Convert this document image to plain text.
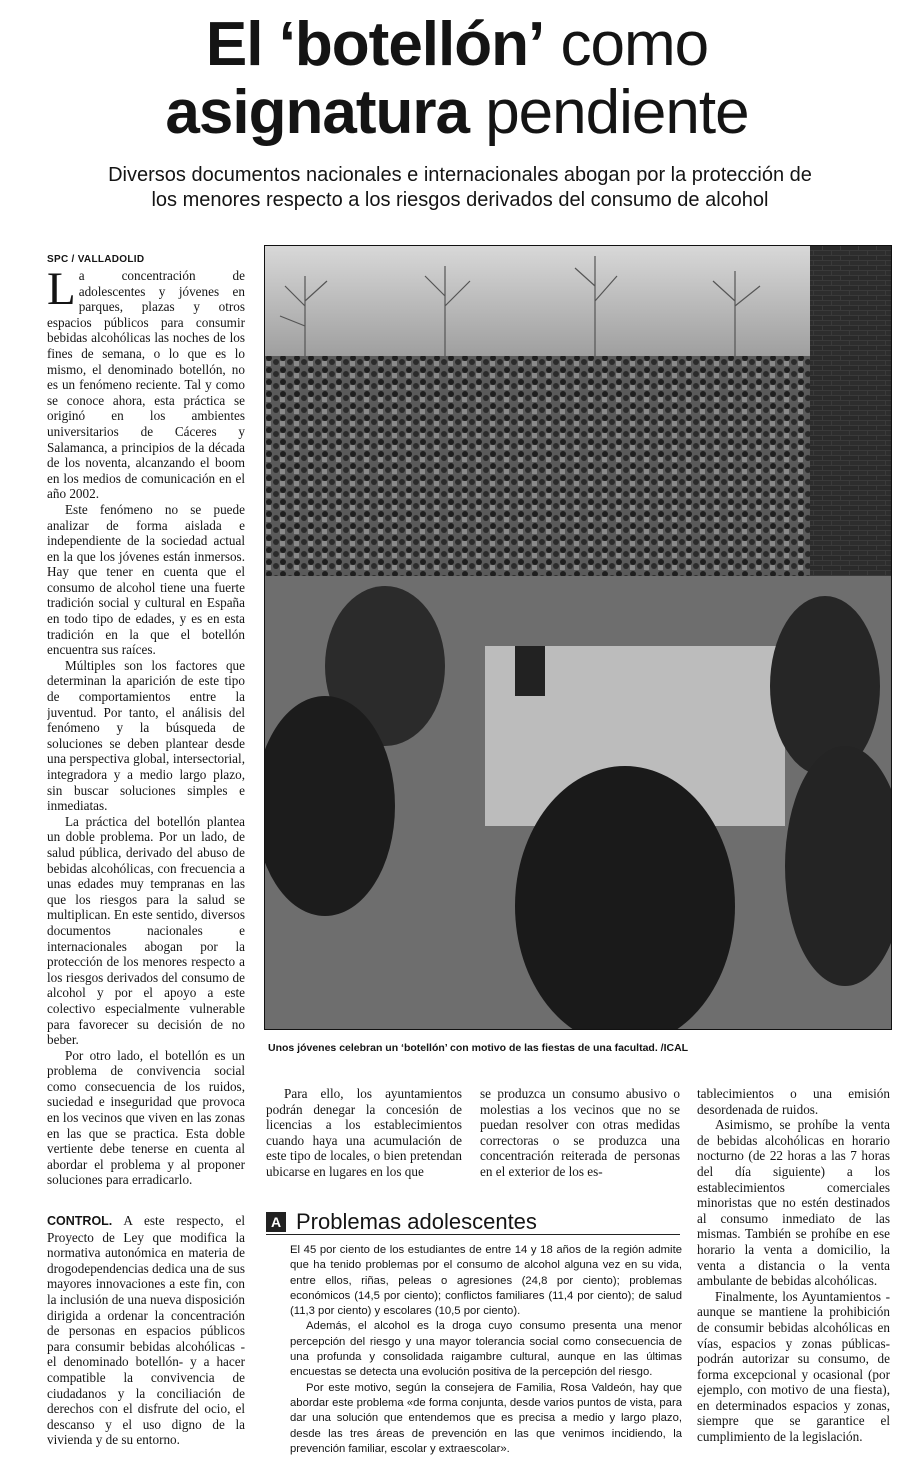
El ‘botellón’ como
asignatura pendiente
Diversos documentos nacionales e internacionales abogan por la protección de
los menores respecto a los riesgos derivados del consumo de alcohol
SPC / VALLADOLID

La concentración de adolescentes y jóvenes en parques, plazas y otros espacios públicos para consumir bebidas alcohólicas las noches de los fines de semana, o lo que es lo mismo, el denominado botellón, no es un fenómeno reciente. Tal y como se conoce ahora, esta práctica se originó en los ambientes universitarios de Cáceres y Salamanca, a principios de la década de los noventa, alcanzando el boom en los medios de comunicación en el año 2002.

Este fenómeno no se puede analizar de forma aislada e independiente de la sociedad actual en la que los jóvenes están inmersos. Hay que tener en cuenta que el consumo de alcohol tiene una fuerte tradición social y cultural en España en todo tipo de edades, y es en esta tradición en la que el botellón encuentra sus raíces.

Múltiples son los factores que determinan la aparición de este tipo de comportamientos entre la juventud. Por tanto, el análisis del fenómeno y la búsqueda de soluciones se deben plantear desde una perspectiva global, intersectorial, integradora y a medio largo plazo, sin buscar soluciones simples e inmediatas.

La práctica del botellón plantea un doble problema. Por un lado, de salud pública, derivado del abuso de bebidas alcohólicas, con frecuencia a unas edades muy tempranas en las que los riesgos para la salud se multiplican. En este sentido, diversos documentos nacionales e internacionales abogan por la protección de los menores respecto a los riesgos derivados del consumo de alcohol y por el apoyo a este colectivo especialmente vulnerable para favorecer su decisión de no beber.

Por otro lado, el botellón es un problema de convivencia social como consecuencia de los ruidos, suciedad e inseguridad que provoca en los vecinos que viven en las zonas en las que se practica. Esta doble vertiente debe tenerse en cuenta al abordar el problema y al proponer soluciones para erradicarlo.

CONTROL. A este respecto, el Proyecto de Ley que modifica la normativa autonómica en materia de drogodependencias dedica una de sus mayores innovaciones a este fin, con la inclusión de una nueva disposición dirigida a ordenar la concentración de personas en espacios públicos para consumir bebidas alcohólicas -el denominado botellón- y a hacer compatible la convivencia de ciudadanos y la conciliación de derechos con el disfrute del ocio, el descanso y el uso digno de la vivienda y de su entorno.

Unos jóvenes celebran un ‘botellón’ con motivo de las fiestas de una facultad. /ICAL

Para ello, los ayuntamientos podrán denegar la concesión de licencias a los establecimientos cuando haya una acumulación de este tipo de locales, o bien pretendan ubicarse en lugares en los que

se produzca un consumo abusivo o molestias a los vecinos que no se puedan resolver con otras medidas correctoras o se produzca una concentración reiterada de personas en el exterior de los es-

tablecimientos o una emisión desordenada de ruidos.

Asimismo, se prohíbe la venta de bebidas alcohólicas en horario nocturno (de 22 horas a las 7 horas del día siguiente) a los establecimientos comerciales minoristas que no estén destinados al consumo inmediato de las mismas. También se prohíbe en ese horario la venta a domicilio, la venta a distancia o la venta ambulante de bebidas alcohólicas.

Finalmente, los Ayuntamientos -aunque se mantiene la prohibición de consumir bebidas alcohólicas en vías, espacios y zonas públicas- podrán autorizar su consumo, de forma excepcional y ocasional (por ejemplo, con motivo de una fiesta), en determinados espacios y zonas, siempre que se garantice el cumplimiento de la legislación.

A Problemas adolescentes

El 45 por ciento de los estudiantes de entre 14 y 18 años de la región admite que ha tenido problemas por el consumo de alcohol alguna vez en su vida, entre ellos, riñas, peleas o agresiones (24,8 por ciento); problemas económicos (14,5 por ciento); conflictos familiares (11,4 por ciento); de salud (11,3 por ciento) y escolares (10,5 por ciento).

Además, el alcohol es la droga cuyo consumo presenta una menor percepción del riesgo y una mayor tolerancia social como consecuencia de una profunda y consolidada raigambre cultural, aunque en las últimas encuestas se detecta una evolución positiva de la percepción del riesgo.

Por este motivo, según la consejera de Familia, Rosa Valdeón, hay que abordar este problema «de forma conjunta, desde varios puntos de vista, para dar una solución que entendemos que es precisa a medio y largo plazo, desde las tres áreas de prevención en las que venimos incidiendo, la prevención familiar, escolar y extraescolar».
